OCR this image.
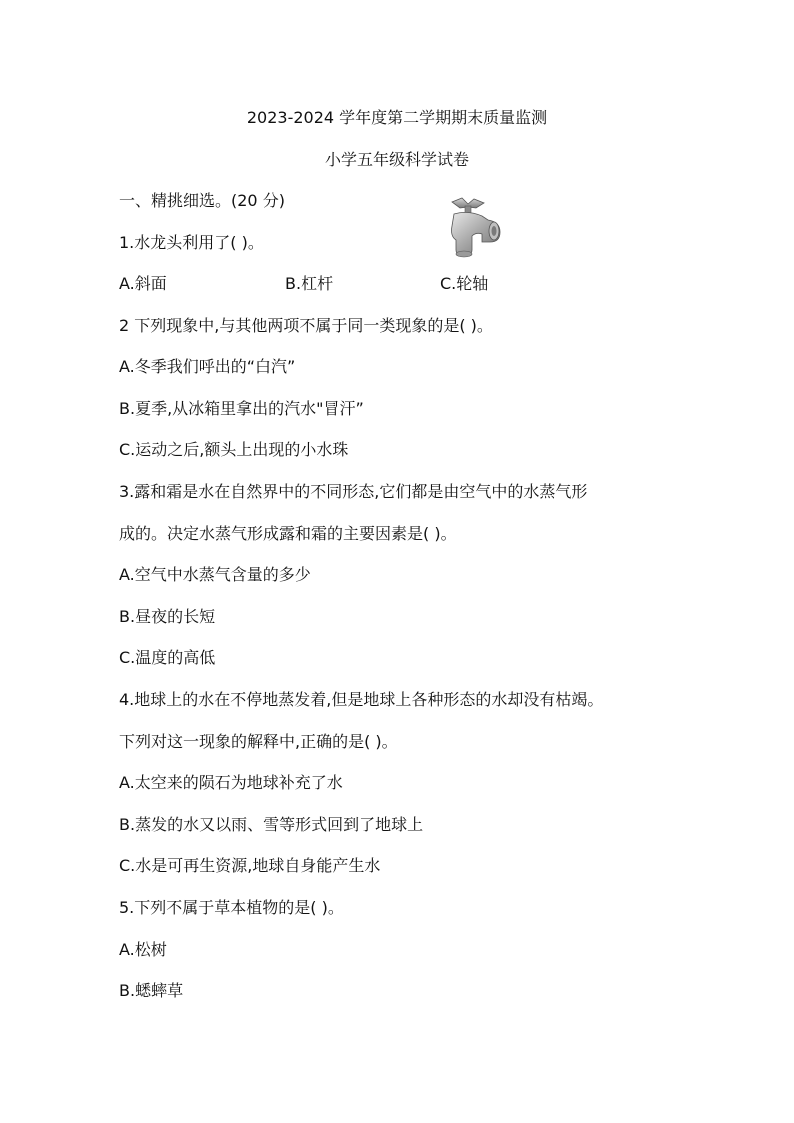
2023-2024 学年度第二学期期末质量监测
小学五年级科学试卷
一、精挑细选。(20 分)
1.水龙头利用了( )。
A.斜面	B.杠杆	C.轮轴
2 下列现象中,与其他两项不属于同一类现象的是( )。
A.冬季我们呼出的“白汽”
B.夏季,从冰箱里拿出的汽水"冒汗”
C.运动之后,额头上出现的小水珠
3.露和霜是水在自然界中的不同形态,它们都是由空气中的水蒸气形
成的。决定水蒸气形成露和霜的主要因素是( )。
A.空气中水蒸气含量的多少
B.昼夜的长短
C.温度的高低
4.地球上的水在不停地蒸发着,但是地球上各种形态的水却没有枯竭。
下列对这一现象的解释中,正确的是( )。
A.太空来的陨石为地球补充了水
B.蒸发的水又以雨、雪等形式回到了地球上
C.水是可再生资源,地球自身能产生水
5.下列不属于草本植物的是( )。
A.松树
B.蟋蟀草
